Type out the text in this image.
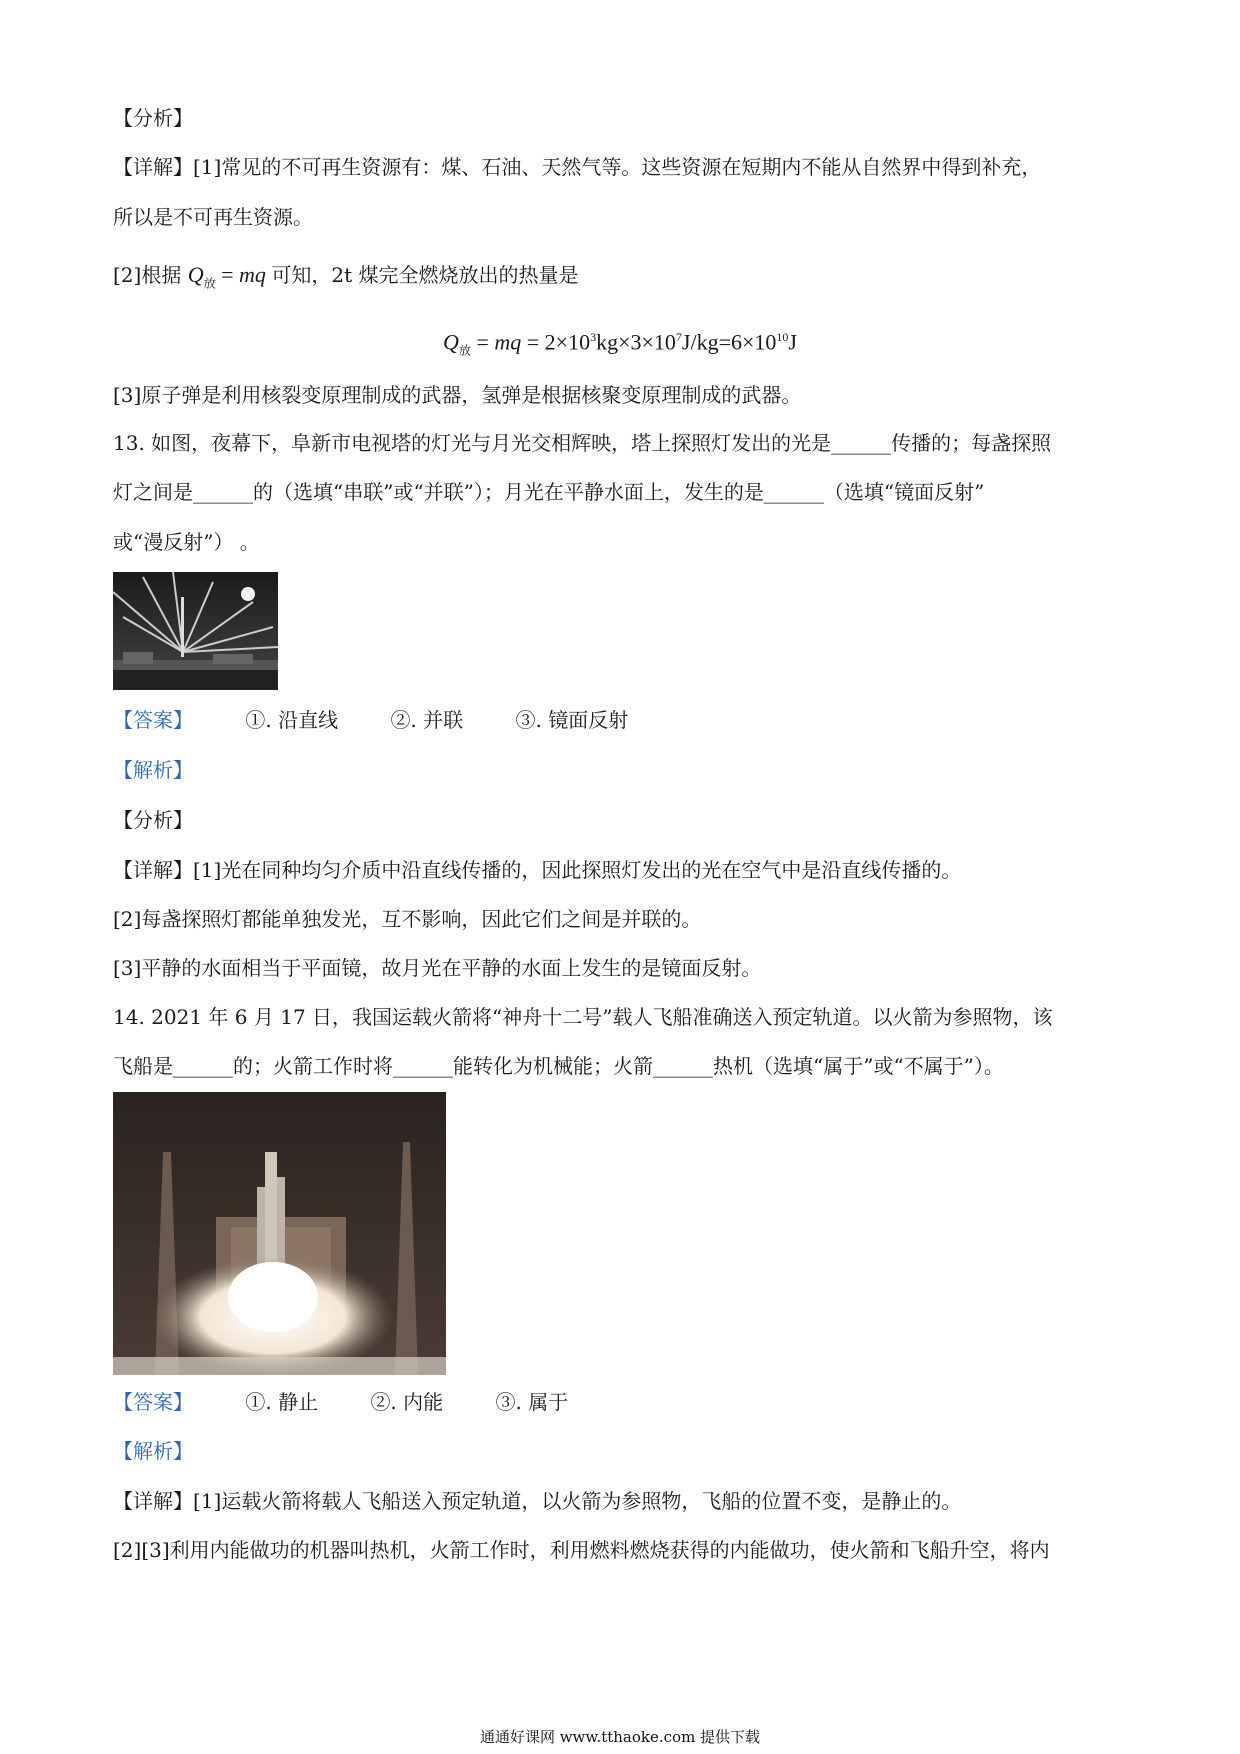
【分析】
【详解】[1]常见的不可再生资源有：煤、石油、天然气等。这些资源在短期内不能从自然界中得到补充，
所以是不可再生资源。
[2]根据 $Q_放$ = mq 可知，2t 煤完全燃烧放出的热量是
$Q_放$ = mq = $2\times 10^3kg\times 3\times 10^7J/kg=6\times 10^{10}J$
[3]原子弹是利用核裂变原理制成的武器，氢弹是根据核聚变原理制成的武器。
13. 如图，夜幕下，阜新市电视塔的灯光与月光交相辉映，塔上探照灯发出的光是______传播的；每盏探照
灯之间是______的（选填“串联”或“并联”）；月光在平静水面上，发生的是______（选填“镜面反射”
或“漫反射”） 。
【答案】	①. 沿直线	②. 并联	③. 镜面反射
【解析】
【分析】
【详解】[1]光在同种均匀介质中沿直线传播的，因此探照灯发出的光在空气中是沿直线传播的。
[2]每盏探照灯都能单独发光，互不影响，因此它们之间是并联的。
[3]平静的水面相当于平面镜，故月光在平静的水面上发生的是镜面反射。
14. 2021 年 6 月 17 日，我国运载火箭将“神舟十二号”载人飞船准确送入预定轨道。以火箭为参照物，该
飞船是______的；火箭工作时将______能转化为机械能；火箭______热机（选填“属于”或“不属于”）。
【答案】	①. 静止	②. 内能	③. 属于
【解析】
【详解】[1]运载火箭将载人飞船送入预定轨道，以火箭为参照物，飞船的位置不变，是静止的。
[2][3]利用内能做功的机器叫热机，火箭工作时，利用燃料燃烧获得的内能做功，使火箭和飞船升空，将内
通通好课网 www.tthaoke.com 提供下载
